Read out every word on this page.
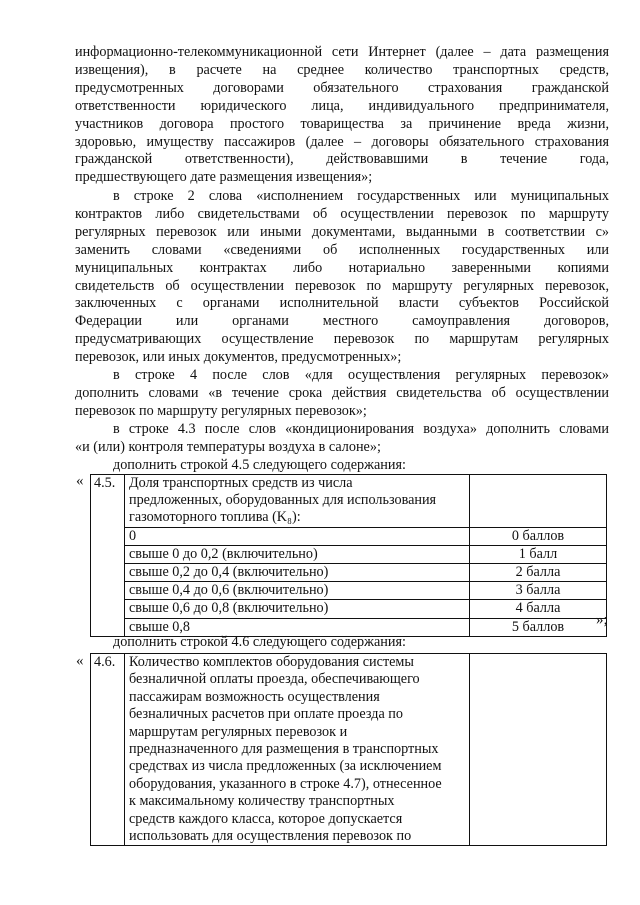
информационно-телекоммуникационной сети Интернет (далее – дата размещения
извещения), в расчете на среднее количество транспортных средств,
предусмотренных договорами обязательного страхования гражданской
ответственности юридического лица, индивидуального предпринимателя,
участников договора простого товарищества за причинение вреда жизни,
здоровью, имуществу пассажиров (далее – договоры обязательного страхования
гражданской ответственности), действовавшими в течение года,
предшествующего дате размещения извещения»;
в строке 2 слова «исполнением государственных или муниципальных
контрактов либо свидетельствами об осуществлении перевозок по маршруту
регулярных перевозок или иными документами, выданными в соответствии с»
заменить словами «сведениями об исполненных государственных или
муниципальных контрактах либо нотариально заверенными копиями
свидетельств об осуществлении перевозок по маршруту регулярных перевозок,
заключенных с органами исполнительной власти субъектов Российской
Федерации или органами местного самоуправления договоров,
предусматривающих осуществление перевозок по маршрутам регулярных
перевозок, или иных документов, предусмотренных»;
в строке 4 после слов «для осуществления регулярных перевозок»
дополнить словами «в течение срока действия свидетельства об осуществлении
перевозок по маршруту регулярных перевозок»;
в строке 4.3 после слов «кондиционирования воздуха» дополнить словами
«и (или) контроля температуры воздуха в салоне»;
дополнить строкой 4.5 следующего содержания:
« 4.5.	Доля транспортных средств из числа
предложенных, оборудованных для использования
газомоторного топлива (K₈):	

	0	0 баллов
	свыше 0 до 0,2 (включительно)	1 балл
	свыше 0,2 до 0,4 (включительно)	2 балла
	свыше 0,4 до 0,6 (включительно)	3 балла
	свыше 0,6 до 0,8 (включительно)	4 балла
	свыше 0,8	5 баллов »;
дополнить строкой 4.6 следующего содержания:
« 4.6.	Количество комплектов оборудования системы
безналичной оплаты проезда, обеспечивающего
пассажирам возможность осуществления
безналичных расчетов при оплате проезда по
маршрутам регулярных перевозок и
предназначенного для размещения в транспортных
средствах из числа предложенных (за исключением
оборудования, указанного в строке 4.7), отнесенное
к максимальному количеству транспортных
средств каждого класса, которое допускается
использовать для осуществления перевозок по
